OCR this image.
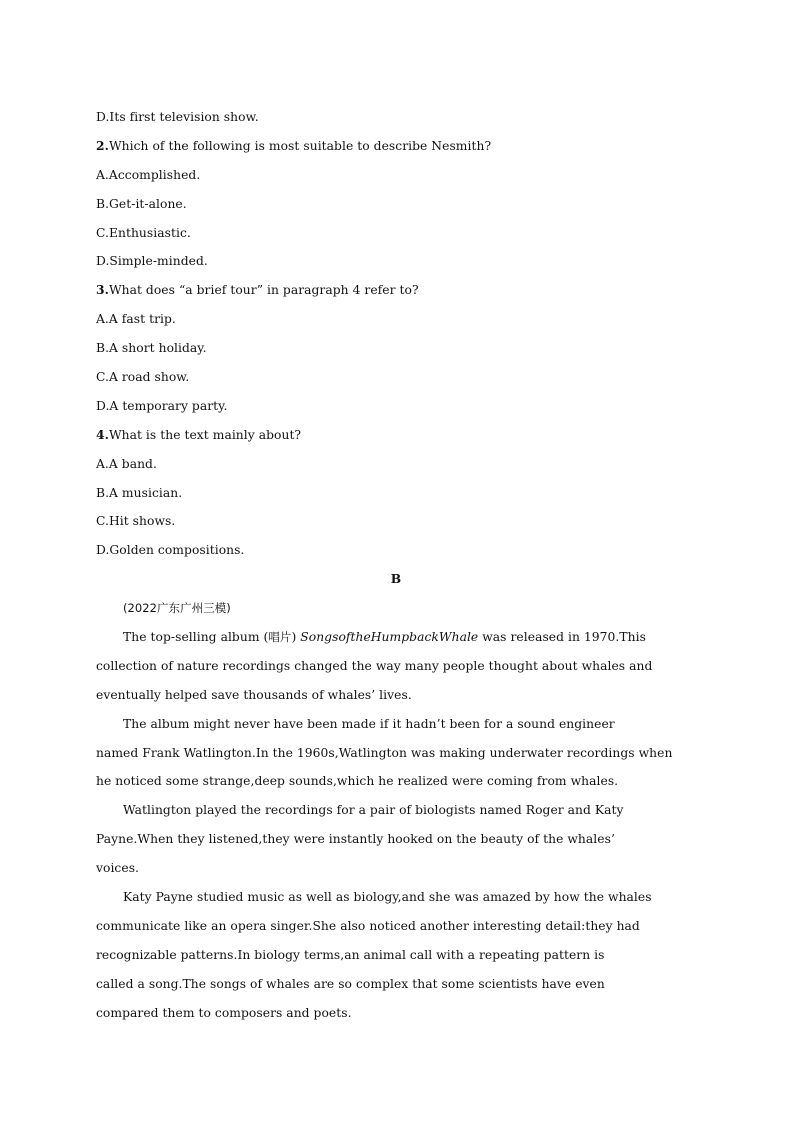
D.Its first television show.
2.Which of the following is most suitable to describe Nesmith?
A.Accomplished.
B.Get-it-alone.
C.Enthusiastic.
D.Simple-minded.
3.What does “a brief tour” in paragraph 4 refer to?
A.A fast trip.
B.A short holiday.
C.A road show.
D.A temporary party.
4.What is the text mainly about?
A.A band.
B.A musician.
C.Hit shows.
D.Golden compositions.
B
(2022广东广州三模)
The top-selling album (唱片) SongsoftheHumpbackWhale was released in 1970.This
collection of nature recordings changed the way many people thought about whales and
eventually helped save thousands of whales’ lives.
The album might never have been made if it hadn’t been for a sound engineer
named Frank Watlington.In the 1960s,Watlington was making underwater recordings when
he noticed some strange,deep sounds,which he realized were coming from whales.
Watlington played the recordings for a pair of biologists named Roger and Katy
Payne.When they listened,they were instantly hooked on the beauty of the whales’
voices.
Katy Payne studied music as well as biology,and she was amazed by how the whales
communicate like an opera singer.She also noticed another interesting detail:they had
recognizable patterns.In biology terms,an animal call with a repeating pattern is
called a song.The songs of whales are so complex that some scientists have even
compared them to composers and poets.
